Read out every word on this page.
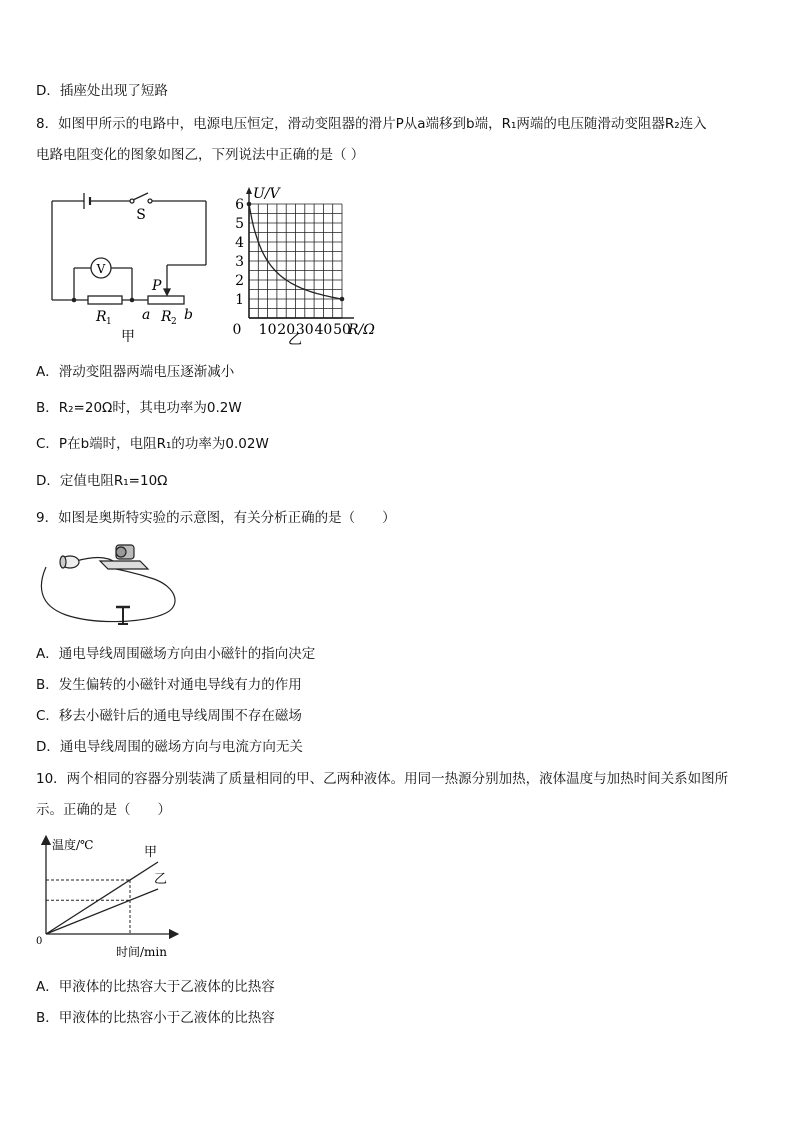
D．插座处出现了短路
8．如图甲所示的电路中，电源电压恒定，滑动变阻器的滑片P从a端移到b端，R₁两端的电压随滑动变阻器R₂连入
电路电阻变化的图象如图乙，下列说法中正确的是（ ）
V
S
P
R 1	R 2
a b
甲	0 10 20 30 40 50
1
2
3
4
5
6
U/V
R/Ω
乙
A．滑动变阻器两端电压逐渐减小
B．R₂=20Ω时，其电功率为0.2W
C．P在b端时，电阻R₁的功率为0.02W
D．定值电阻R₁=10Ω
9．如图是奥斯特实验的示意图，有关分析正确的是（　　）
A．通电导线周围磁场方向由小磁针的指向决定
B．发生偏转的小磁针对通电导线有力的作用
C．移去小磁针后的通电导线周围不存在磁场
D．通电导线周围的磁场方向与电流方向无关
10．两个相同的容器分别装满了质量相同的甲、乙两种液体。用同一热源分别加热，液体温度与加热时间关系如图所
示。正确的是（　　）
甲
乙
0
温度/℃
时间/min
A．甲液体的比热容大于乙液体的比热容
B．甲液体的比热容小于乙液体的比热容
